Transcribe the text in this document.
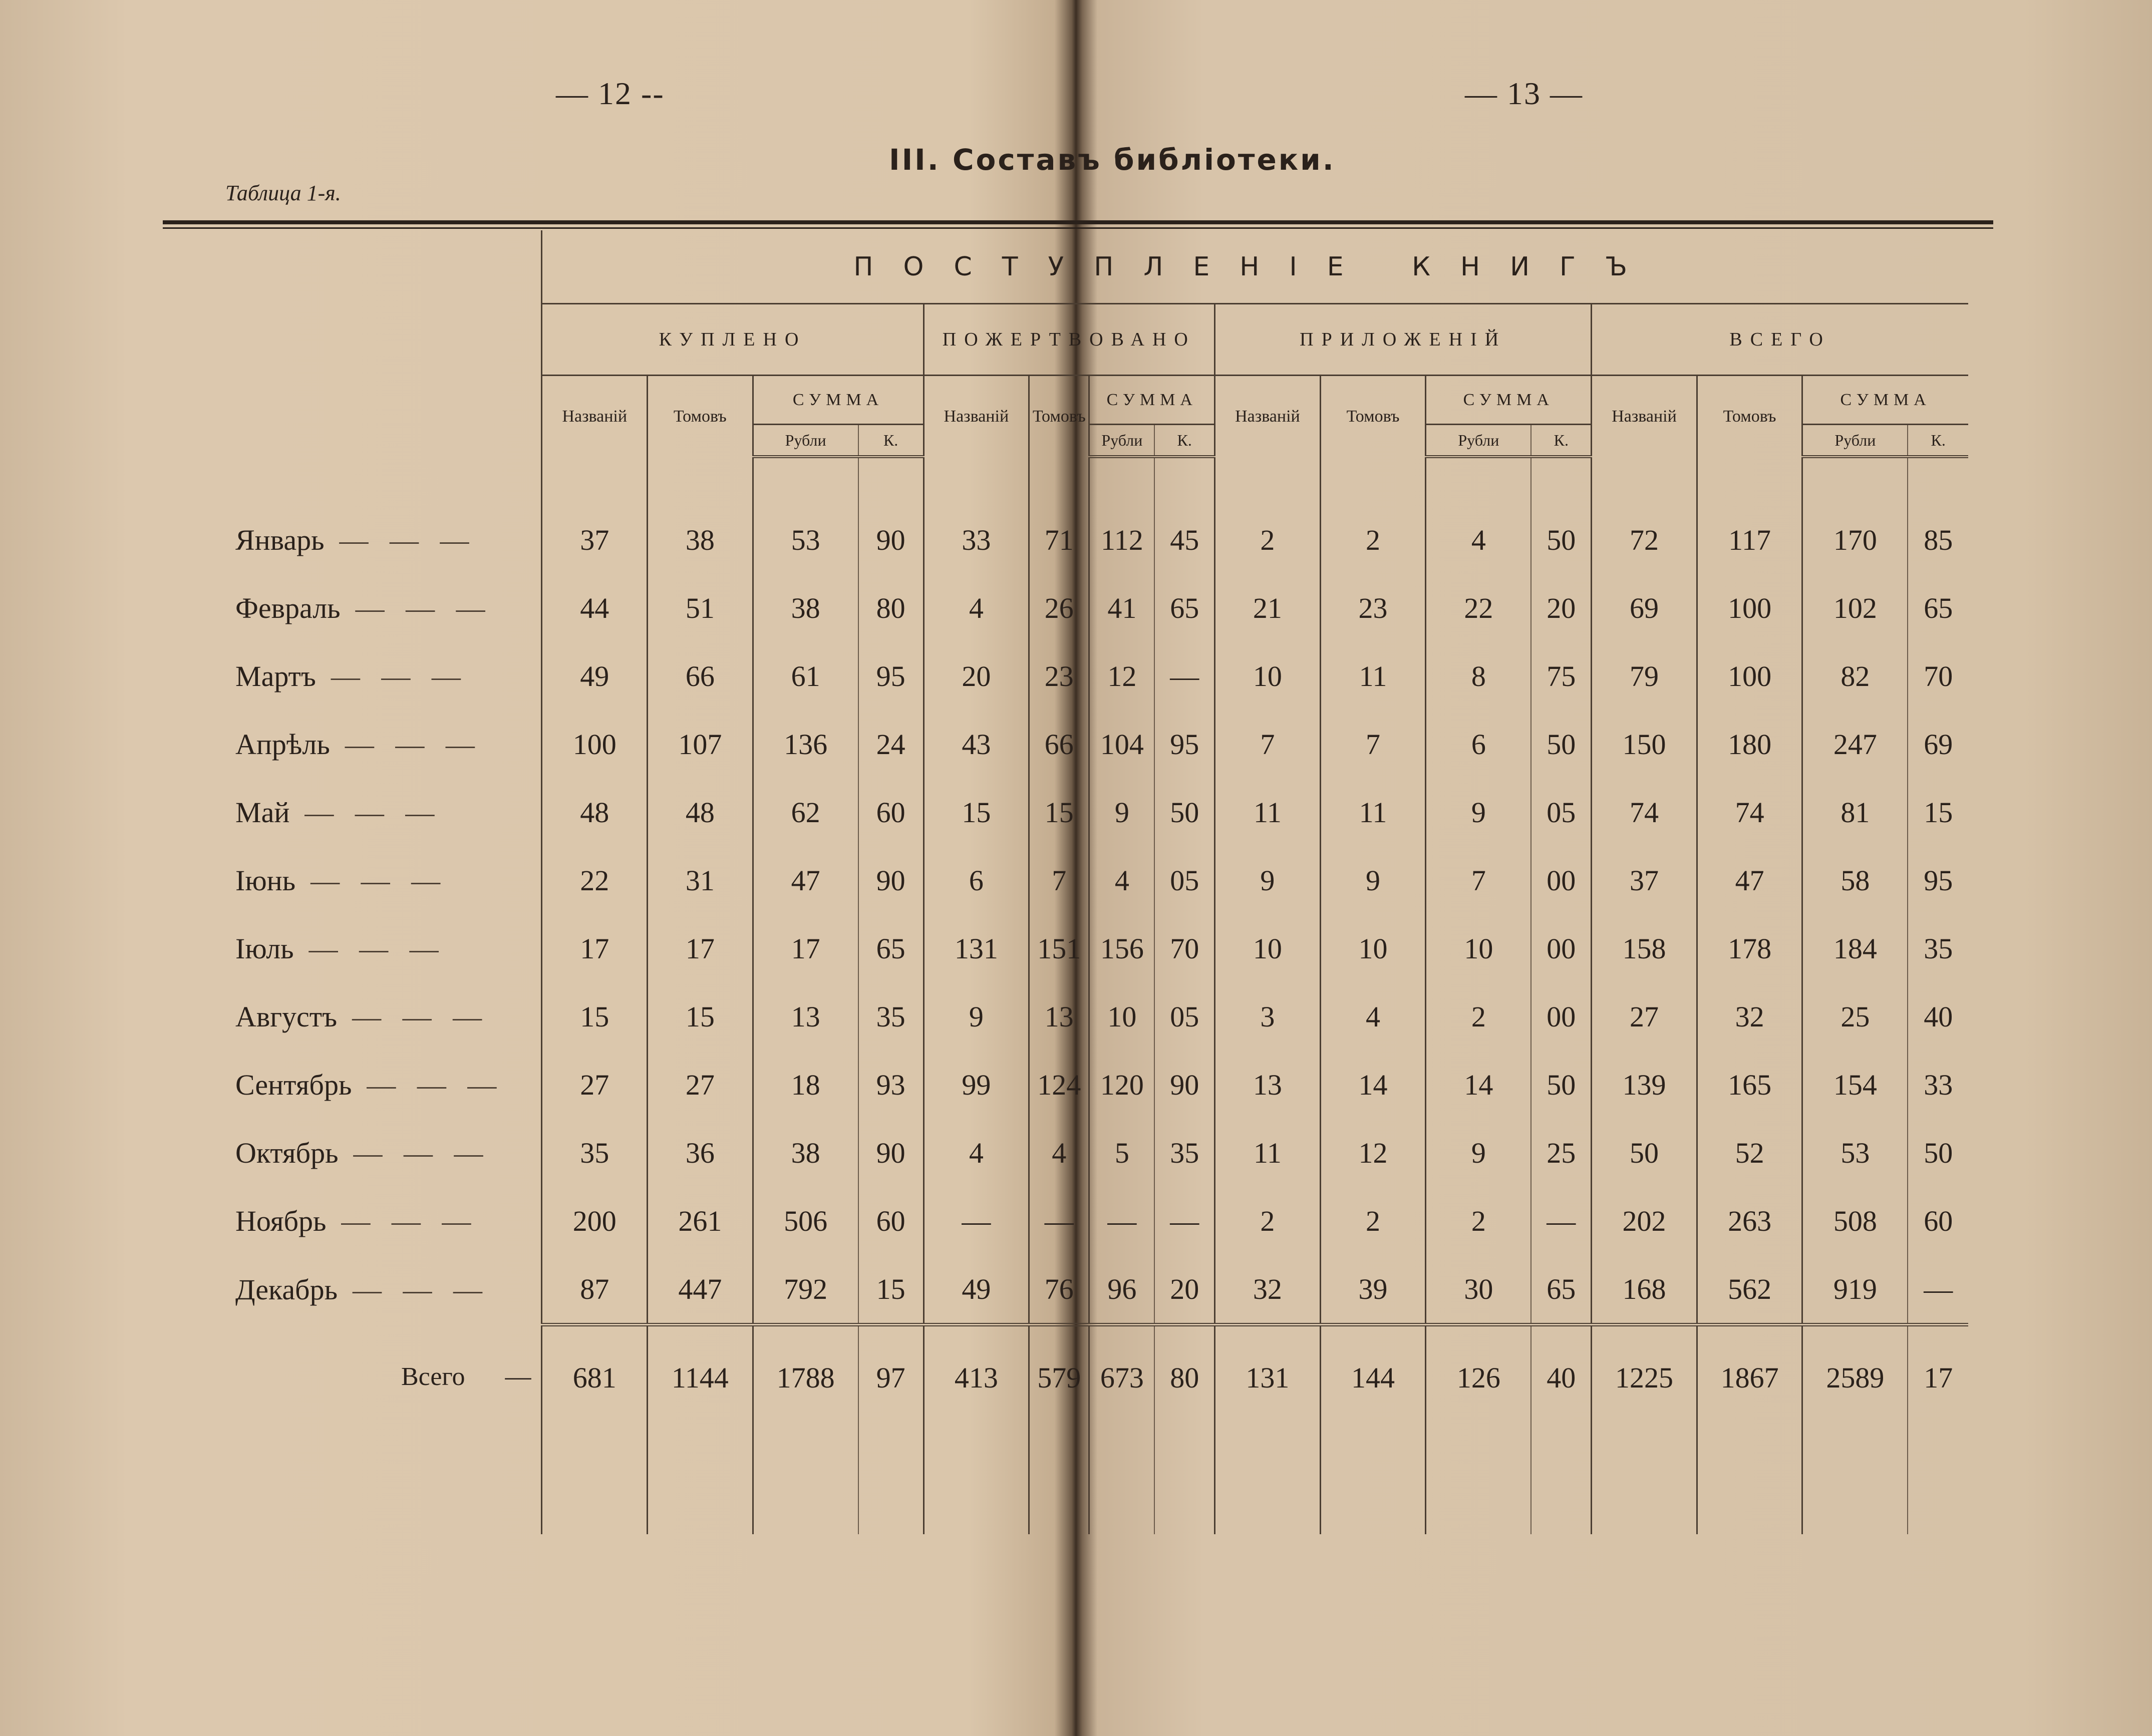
— 12 --	— 13 —
III. Составъ библіотеки.
Таблица 1-я.
	ПОСТУПЛЕНІЕ КНИГЪ															
	КУПЛЕНО				ПОЖЕРТВОВАНО				ПРИЛОЖЕНІЙ				ВСЕГО			
	Названій	Томовъ	СУММА		Названій	Томовъ	СУММА		Названій	Томовъ	СУММА		Названій	Томовъ	СУММА	
			Рубли	К.			Рубли	К.			Рубли	К.			Рубли	К.

Январь — — —	37	38	53	90	33	71	112	45	2	2	4	50	72	117	170	85
Февраль — — —	44	51	38	80	4	26	41	65	21	23	22	20	69	100	102	65
Мартъ — — —	49	66	61	95	20	23	12	—	10	11	8	75	79	100	82	70
Апрѣль — — —	100	107	136	24	43	66	104	95	7	7	6	50	150	180	247	69
Май — — —	48	48	62	60	15	15	9	50	11	11	9	05	74	74	81	15
Іюнь — — —	22	31	47	90	6	7	4	05	9	9	7	00	37	47	58	95
Іюль — — —	17	17	17	65	131	151	156	70	10	10	10	00	158	178	184	35
Августъ — — —	15	15	13	35	9	13	10	05	3	4	2	00	27	32	25	40
Сентябрь — — —	27	27	18	93	99	124	120	90	13	14	14	50	139	165	154	33
Октябрь — — —	35	36	38	90	4	4	5	35	11	12	9	25	50	52	53	50
Ноябрь — — —	200	261	506	60	—	—	—	—	2	2	2	—	202	263	508	60
Декабрь — — —	87	447	792	15	49	76	96	20	32	39	30	65	168	562	919	—
Всего —	681	1144	1788	97	413	579	673	80	131	144	126	40	1225	1867	2589	17
